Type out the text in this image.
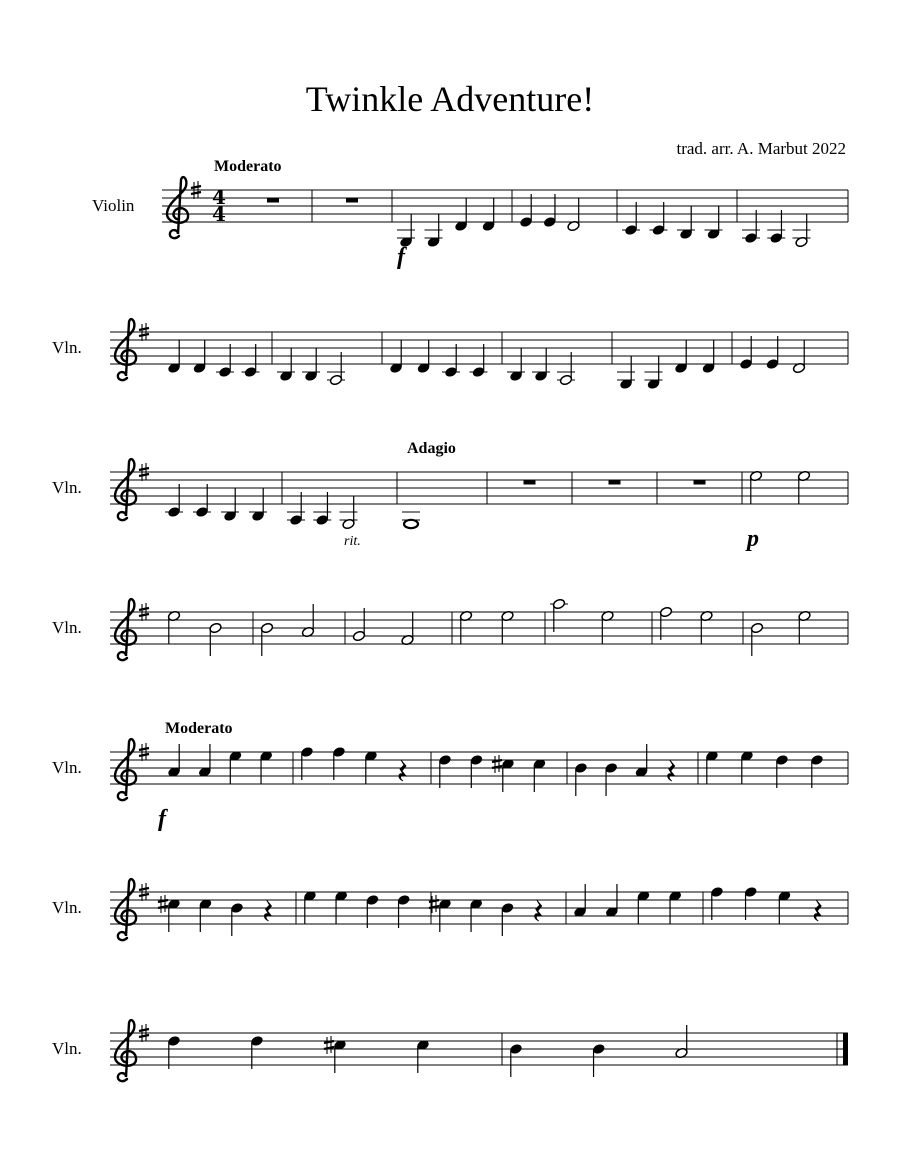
Twinkle Adventure!
trad. arr. A. Marbut 2022
4
4
Violin
Moderato
f
Vln.
Vln.
rit.
Adagio
p
Vln.
Vln.
Moderato
f
Vln.
Vln.
